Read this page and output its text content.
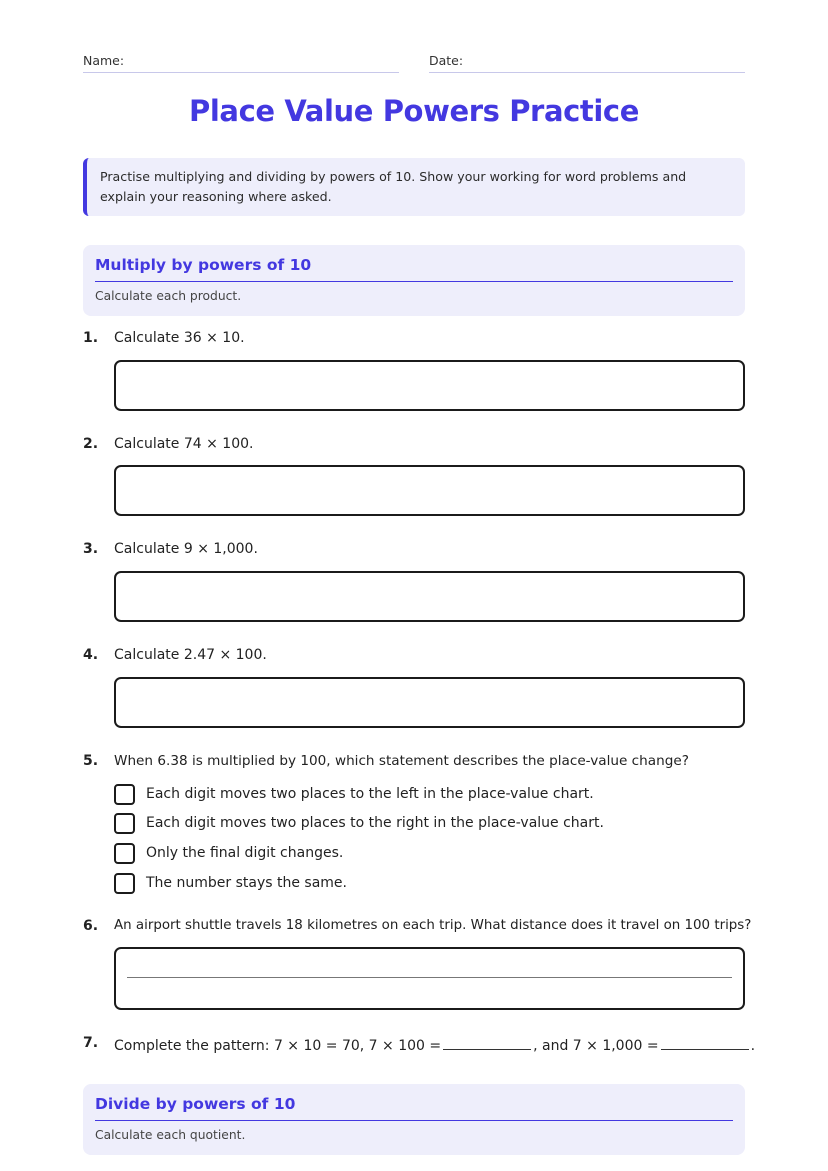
Name:	Date:
Place Value Powers Practice
Practise multiplying and dividing by powers of 10. Show your working for word problems and explain your reasoning where asked.
Multiply by powers of 10
Calculate each product.
1. Calculate 36 × 10.
2. Calculate 74 × 100.
3. Calculate 9 × 1,000.
4. Calculate 2.47 × 100.
5. When 6.38 is multiplied by 100, which statement describes the place-value change?
Each digit moves two places to the left in the place-value chart.
Each digit moves two places to the right in the place-value chart.
Only the final digit changes.
The number stays the same.
6. An airport shuttle travels 18 kilometres on each trip. What distance does it travel on 100 trips?
7. Complete the pattern: 7 × 10 = 70, 7 × 100 =	, and 7 × 1,000 =	.
Divide by powers of 10
Calculate each quotient.
